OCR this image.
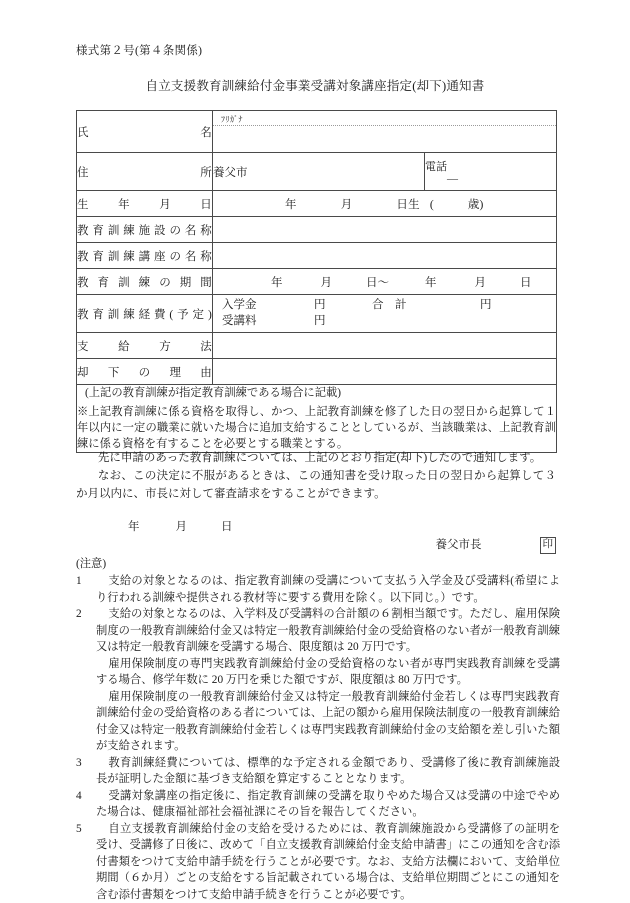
様式第２号(第４条関係)
自立支援教育訓練給付金事業受講対象講座指定(却下)通知書
氏　　　　名	ﾌﾘｶﾞﾅ	

住　　　　所	養父市	電話
—

生　年　月　日	年 月 日生 ( 歳)	

教育訓練施設の名称		

教育訓練講座の名称		

教育訓練の期間	年 月 日～ 年 月 日	

教育訓練経費(予定)	入学金 円 合　計 円
受講料 円	

支　給　方　法		

却　下　の　理　由		

(上記の教育訓練が指定教育訓練である場合に記載)
※上記教育訓練に係る資格を取得し、かつ、上記教育訓練を修了した日の翌日から起算して１年以内に一定の職業に就いた場合に追加支給することとしているが、当該職業は、上記教育訓練に係る資格を有することを必要とする職業とする。		

先に申請のあった教育訓練については、上記のとおり指定(却下)したので通知します。

なお、この決定に不服があるときは、この通知書を受け取った日の翌日から起算して３か月以内に、市長に対して審査請求をすることができます。

年	月	日
養父市長	印
(注意)
1	支給の対象となるのは、指定教育訓練の受講について支払う入学金及び受講料(希望により行われる訓練や提供される教材等に要する費用を除く。以下同じ。）です。
2	支給の対象となるのは、入学料及び受講料の合計額の６割相当額です。ただし、雇用保険制度の一般教育訓練給付金又は特定一般教育訓練給付金の受給資格のない者が一般教育訓練又は特定一般教育訓練を受講する場合、限度額は 20 万円です。
雇用保険制度の専門実践教育訓練給付金の受給資格のない者が専門実践教育訓練を受講する場合、修学年数に 20 万円を乗じた額ですが、限度額は 80 万円です。
雇用保険制度の一般教育訓練給付金又は特定一般教育訓練給付金若しくは専門実践教育訓練給付金の受給資格のある者については、上記の額から雇用保険法制度の一般教育訓練給付金又は特定一般教育訓練給付金若しくは専門実践教育訓練給付金の支給額を差し引いた額が支給されます。
3	教育訓練経費については、標準的な予定される金額であり、受講修了後に教育訓練施設長が証明した金額に基づき支給額を算定することとなります。
4	受講対象講座の指定後に、指定教育訓練の受講を取りやめた場合又は受講の中途でやめた場合は、健康福祉部社会福祉課にその旨を報告してください。
5	自立支援教育訓練給付金の支給を受けるためには、教育訓練施設から受講修了の証明を受け、受講修了日後に、改めて「自立支援教育訓練給付金支給申請書」にこの通知を含む添付書類をつけて支給申請手続を行うことが必要です。なお、支給方法欄において、支給単位期間（６か月）ごとの支給をする旨記載されている場合は、支給単位期間ごとにこの通知を含む添付書類をつけて支給申請手続きを行うことが必要です。
